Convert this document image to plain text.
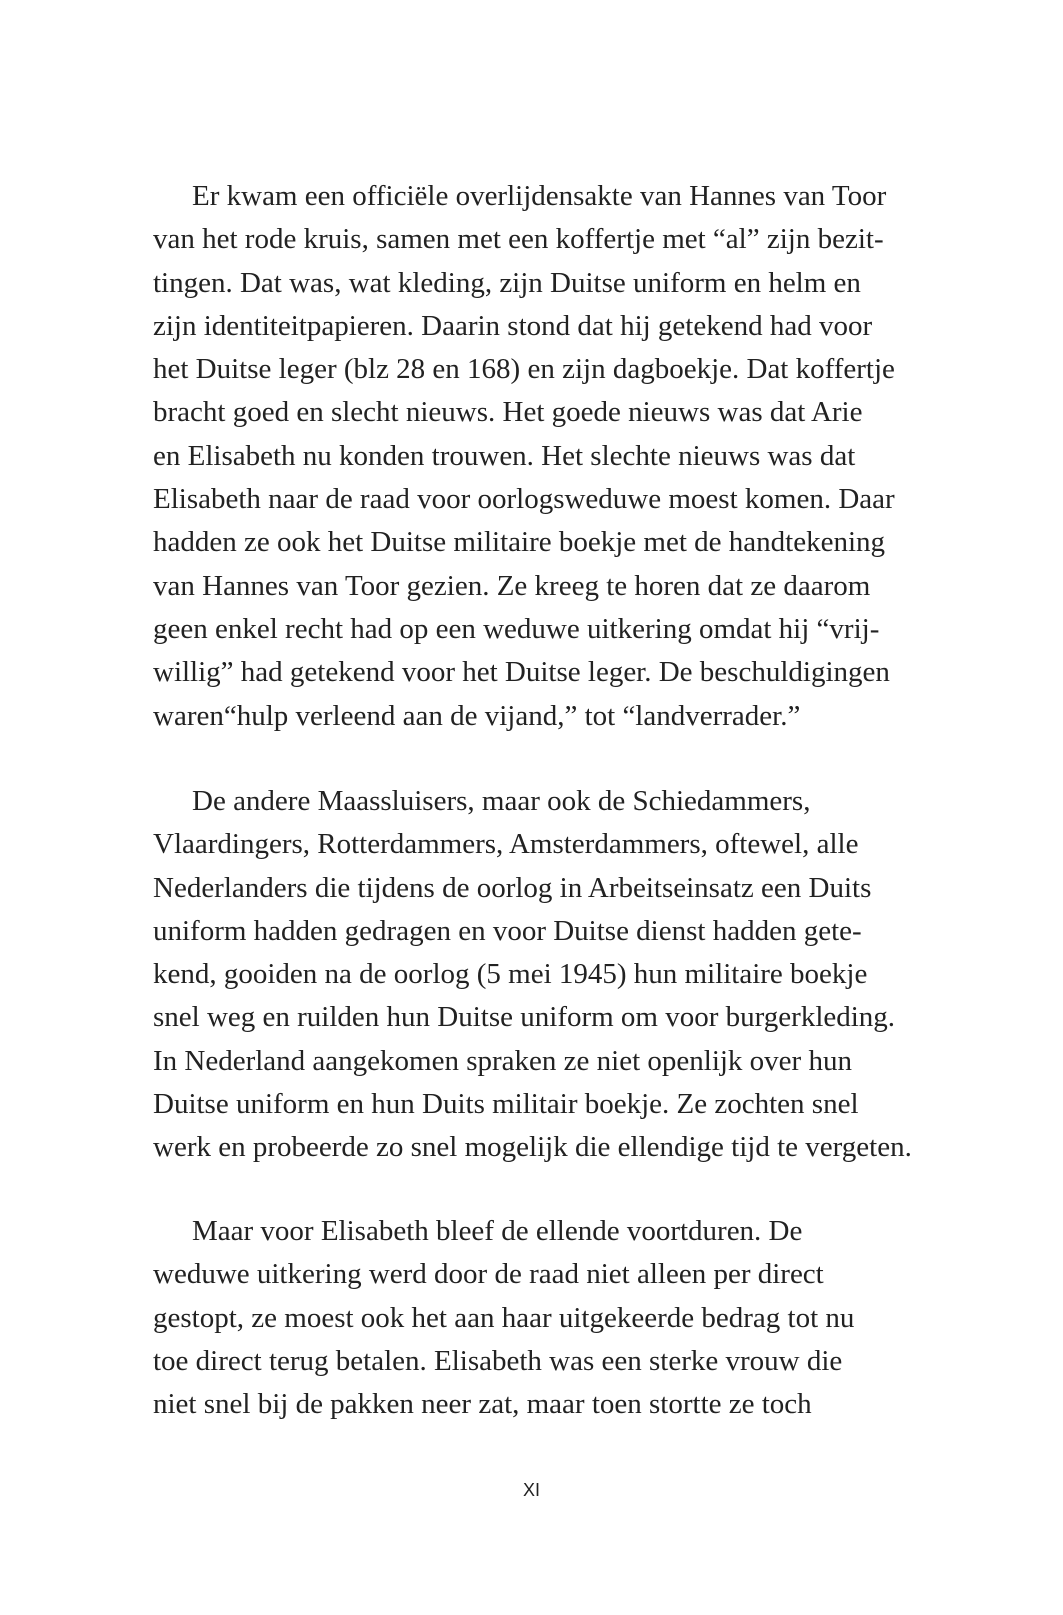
Er kwam een officiële overlijdensakte van Hannes van Toor
van het rode kruis, samen met een koffertje met “al” zijn bezit-
tingen. Dat was, wat kleding, zijn Duitse uniform en helm en
zijn identiteitpapieren. Daarin stond dat hij getekend had voor
het Duitse leger (blz 28 en 168) en zijn dagboekje. Dat koffertje
bracht goed en slecht nieuws. Het goede nieuws was dat Arie
en Elisabeth nu konden trouwen. Het slechte nieuws was dat
Elisabeth naar de raad voor oorlogsweduwe moest komen. Daar
hadden ze ook het Duitse militaire boekje met de handtekening
van Hannes van Toor gezien. Ze kreeg te horen dat ze daarom
geen enkel recht had op een weduwe uitkering omdat hij “vrij-
willig” had getekend voor het Duitse leger. De beschuldigingen
waren“hulp verleend aan de vijand,” tot “landverrader.”
De andere Maassluisers, maar ook de Schiedammers,
Vlaardingers, Rotterdammers, Amsterdammers, oftewel, alle
Nederlanders die tijdens de oorlog in Arbeitseinsatz een Duits
uniform hadden gedragen en voor Duitse dienst hadden gete-
kend, gooiden na de oorlog (5 mei 1945) hun militaire boekje
snel weg en ruilden hun Duitse uniform om voor burgerkleding.
In Nederland aangekomen spraken ze niet openlijk over hun
Duitse uniform en hun Duits militair boekje. Ze zochten snel
werk en probeerde zo snel mogelijk die ellendige tijd te vergeten.
Maar voor Elisabeth bleef de ellende voortduren. De
weduwe uitkering werd door de raad niet alleen per direct
gestopt, ze moest ook het aan haar uitgekeerde bedrag tot nu
toe direct terug betalen. Elisabeth was een sterke vrouw die
niet snel bij de pakken neer zat, maar toen stortte ze toch
XI
